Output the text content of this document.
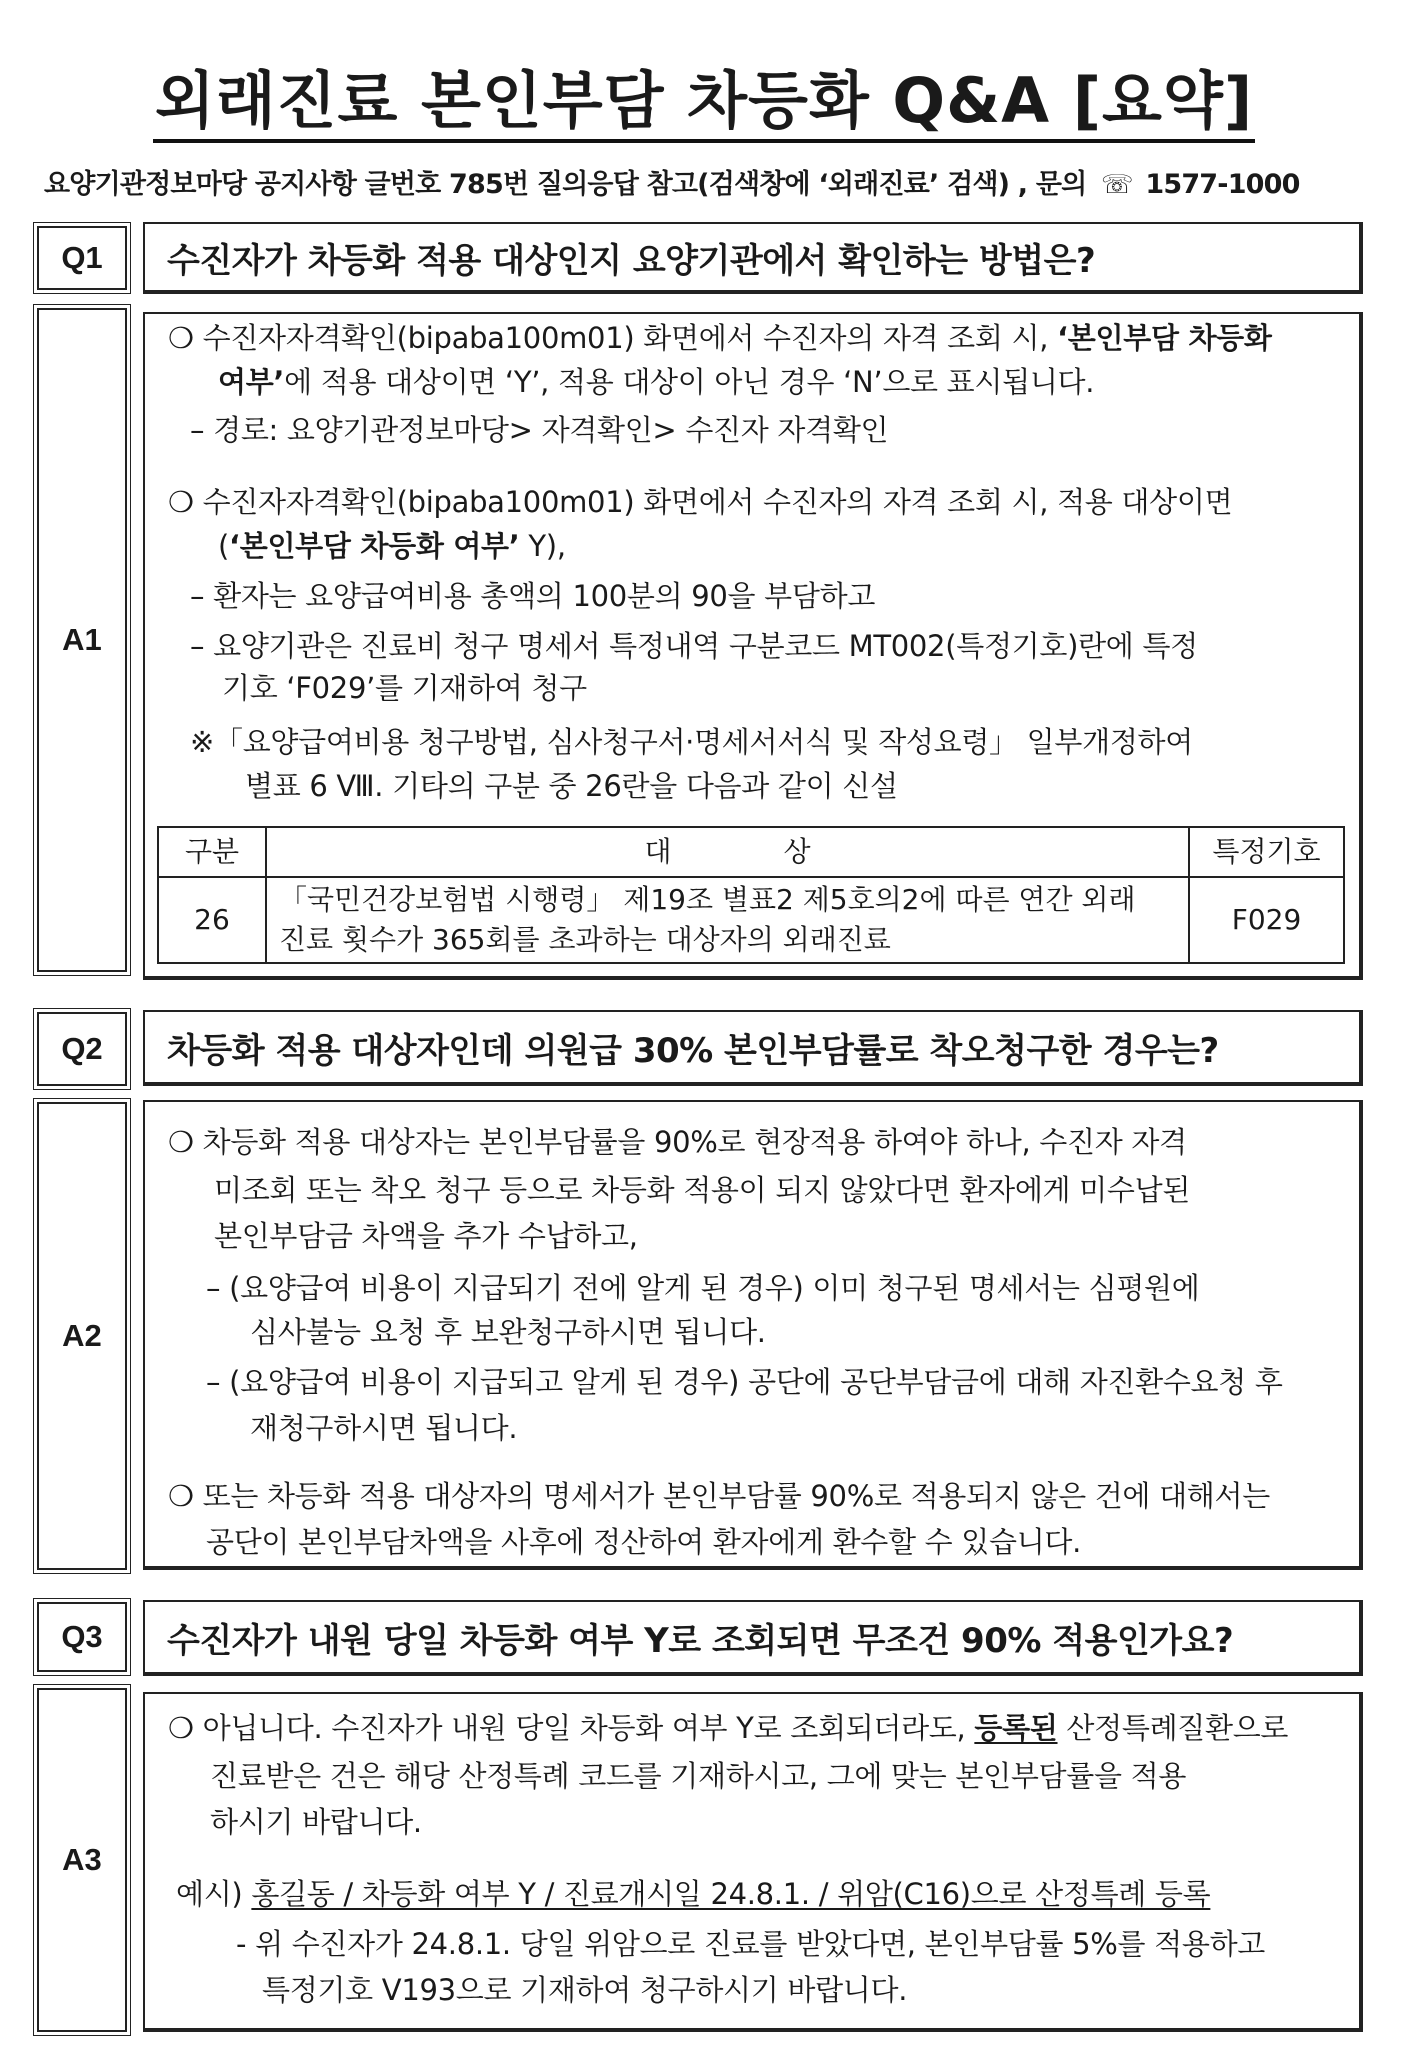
외래진료 본인부담 차등화 Q&A [요약]
요양기관정보마당 공지사항 글번호 785번 질의응답 참고(검색창에 ‘외래진료’ 검색) , 문의 ☏ 1577-1000
Q1 수진자가 차등화 적용 대상인지 요양기관에서 확인하는 방법은?
A1
❍ 수진자자격확인(bipaba100m01) 화면에서 수진자의 자격 조회 시, ‘본인부담 차등화
여부’에 적용 대상이면 ‘Y’, 적용 대상이 아닌 경우 ‘N’으로 표시됩니다.
– 경로: 요양기관정보마당> 자격확인> 수진자 자격확인
❍ 수진자자격확인(bipaba100m01) 화면에서 수진자의 자격 조회 시, 적용 대상이면
(‘본인부담 차등화 여부’ Y),
– 환자는 요양급여비용 총액의 100분의 90을 부담하고
– 요양기관은 진료비 청구 명세서 특정내역 구분코드 MT002(특정기호)란에 특정
기호 ‘F029’를 기재하여 청구
※「요양급여비용 청구방법, 심사청구서·명세서서식 및 작성요령」 일부개정하여
별표 6 Ⅷ. 기타의 구분 중 26란을 다음과 같이 신설
구분	대　　　　상	특정기호
26	「국민건강보험법 시행령」 제19조 별표2 제5호의2에 따른 연간 외래
진료 횟수가 365회를 초과하는 대상자의 외래진료	F029
Q2 차등화 적용 대상자인데 의원급 30% 본인부담률로 착오청구한 경우는?
A2
❍ 차등화 적용 대상자는 본인부담률을 90%로 현장적용 하여야 하나, 수진자 자격
미조회 또는 착오 청구 등으로 차등화 적용이 되지 않았다면 환자에게 미수납된
본인부담금 차액을 추가 수납하고,
– (요양급여 비용이 지급되기 전에 알게 된 경우) 이미 청구된 명세서는 심평원에
심사불능 요청 후 보완청구하시면 됩니다.
– (요양급여 비용이 지급되고 알게 된 경우) 공단에 공단부담금에 대해 자진환수요청 후
재청구하시면 됩니다.
❍ 또는 차등화 적용 대상자의 명세서가 본인부담률 90%로 적용되지 않은 건에 대해서는
공단이 본인부담차액을 사후에 정산하여 환자에게 환수할 수 있습니다.
Q3 수진자가 내원 당일 차등화 여부 Y로 조회되면 무조건 90% 적용인가요?
A3
❍ 아닙니다. 수진자가 내원 당일 차등화 여부 Y로 조회되더라도, 등록된 산정특례질환으로
진료받은 건은 해당 산정특례 코드를 기재하시고, 그에 맞는 본인부담률을 적용
하시기 바랍니다.
예시) 홍길동 / 차등화 여부 Y / 진료개시일 24.8.1. / 위암(C16)으로 산정특례 등록
- 위 수진자가 24.8.1. 당일 위암으로 진료를 받았다면, 본인부담률 5%를 적용하고
특정기호 V193으로 기재하여 청구하시기 바랍니다.
